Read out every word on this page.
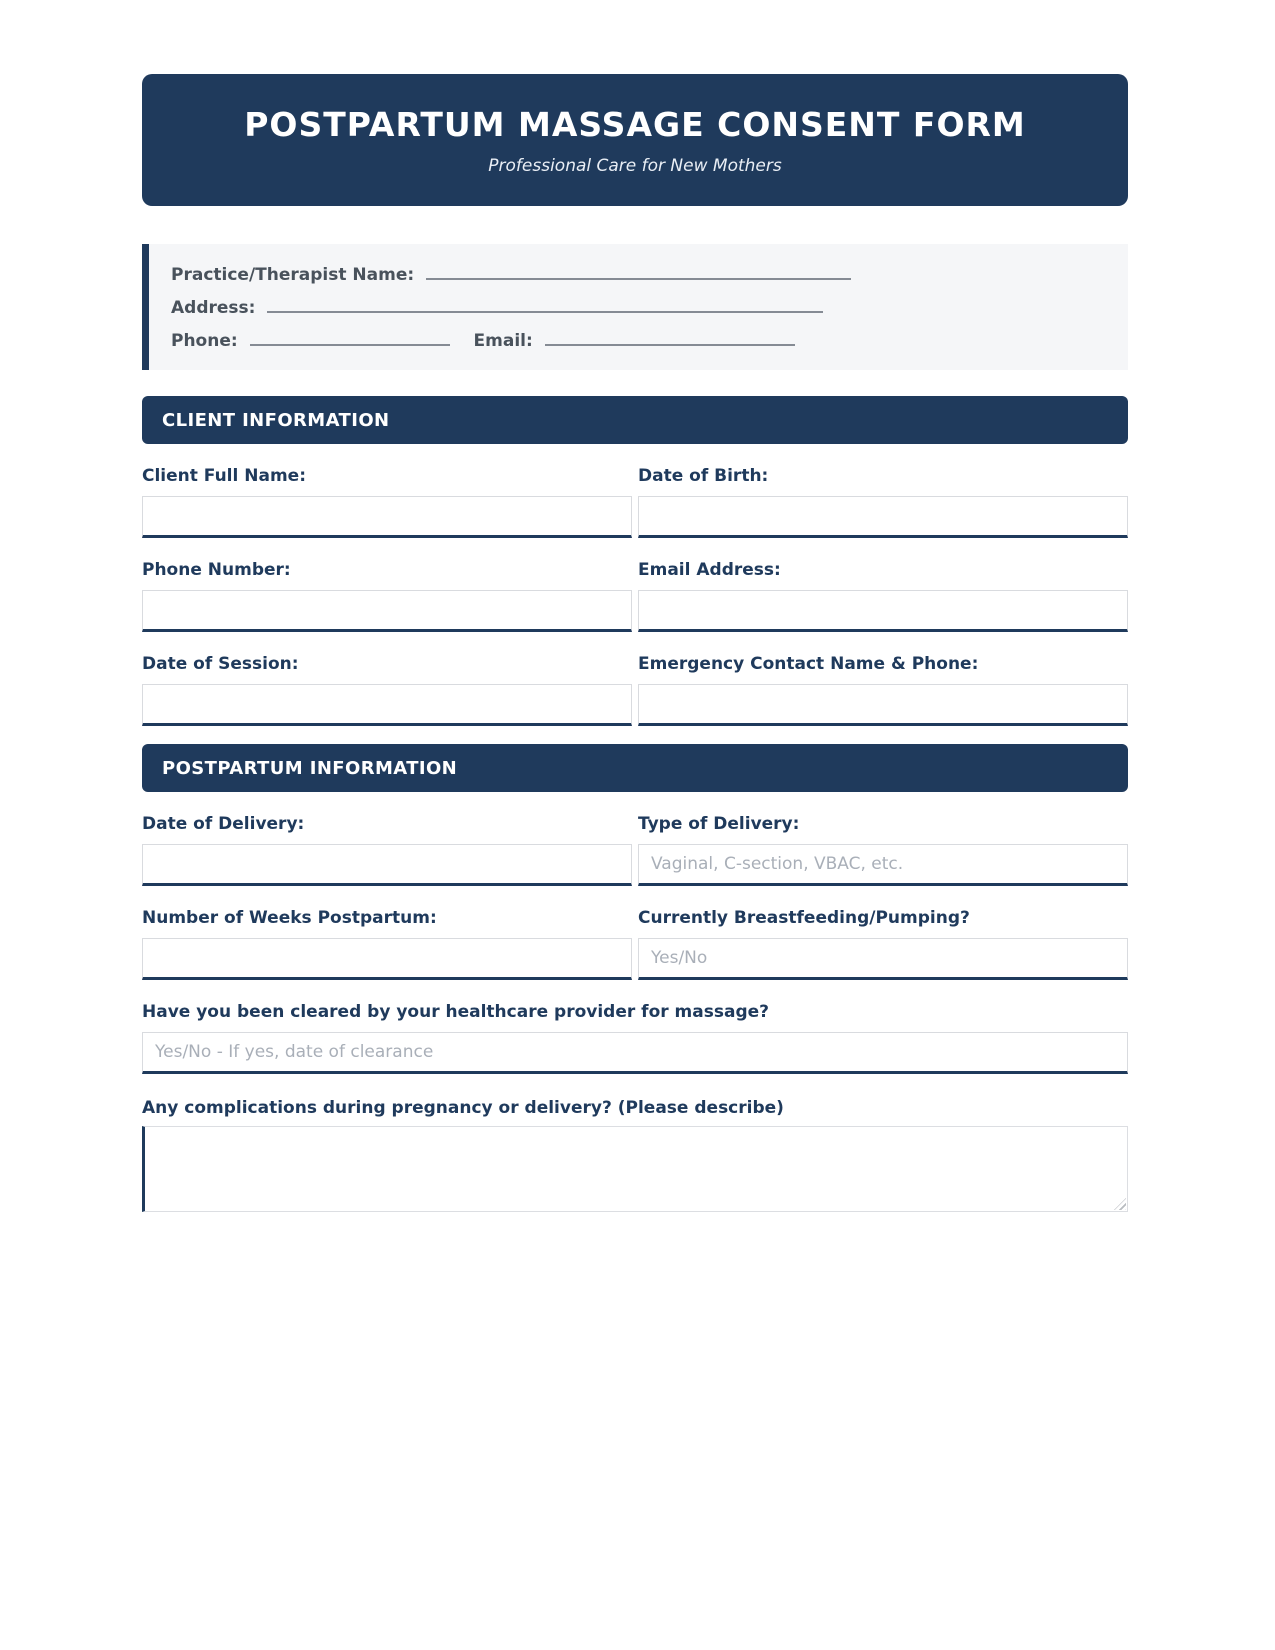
POSTPARTUM MASSAGE CONSENT FORM
Professional Care for New Mothers
Practice/Therapist Name:
Address:
Phone:	Email:
CLIENT INFORMATION
Client Full Name:	Date of Birth:
Phone Number:	Email Address:
Date of Session:	Emergency Contact Name & Phone:
POSTPARTUM INFORMATION
Date of Delivery:	Type of Delivery:
Vaginal, C-section, VBAC, etc.
Number of Weeks Postpartum:	Currently Breastfeeding/Pumping?
Yes/No
Have you been cleared by your healthcare provider for massage?
Yes/No - If yes, date of clearance
Any complications during pregnancy or delivery? (Please describe)
